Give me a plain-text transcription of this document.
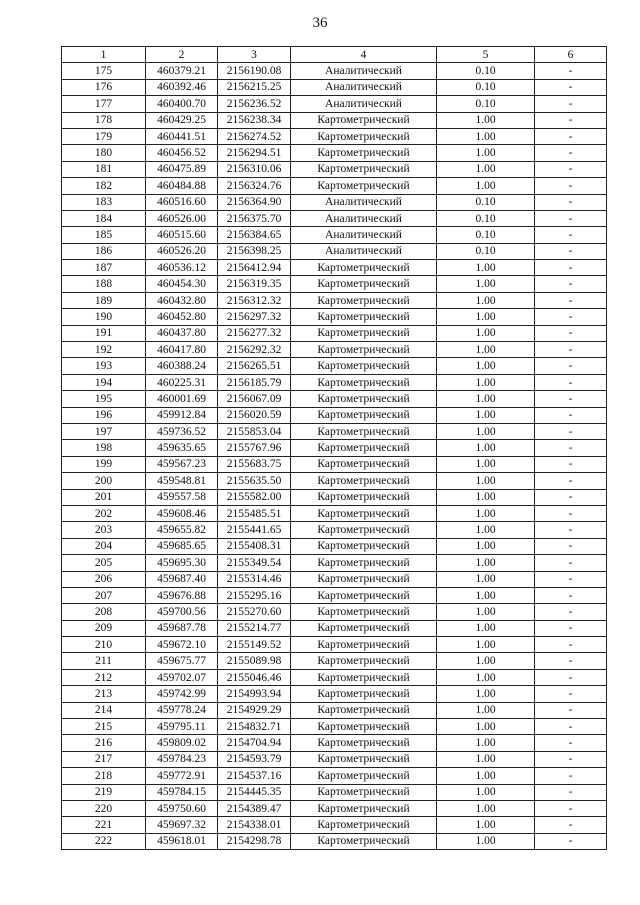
36
1	2	3	4	5	6
175	460379.21	2156190.08	Аналитический	0.10	-
176	460392.46	2156215.25	Аналитический	0.10	-
177	460400.70	2156236.52	Аналитический	0.10	-
178	460429.25	2156238.34	Картометрический	1.00	-
179	460441.51	2156274.52	Картометрический	1.00	-
180	460456.52	2156294.51	Картометрический	1.00	-
181	460475.89	2156310.06	Картометрический	1.00	-
182	460484.88	2156324.76	Картометрический	1.00	-
183	460516.60	2156364.90	Аналитический	0.10	-
184	460526.00	2156375.70	Аналитический	0.10	-
185	460515.60	2156384.65	Аналитический	0.10	-
186	460526.20	2156398.25	Аналитический	0.10	-
187	460536.12	2156412.94	Картометрический	1.00	-
188	460454.30	2156319.35	Картометрический	1.00	-
189	460432.80	2156312.32	Картометрический	1.00	-
190	460452.80	2156297.32	Картометрический	1.00	-
191	460437.80	2156277.32	Картометрический	1.00	-
192	460417.80	2156292.32	Картометрический	1.00	-
193	460388.24	2156265.51	Картометрический	1.00	-
194	460225.31	2156185.79	Картометрический	1.00	-
195	460001.69	2156067.09	Картометрический	1.00	-
196	459912.84	2156020.59	Картометрический	1.00	-
197	459736.52	2155853.04	Картометрический	1.00	-
198	459635.65	2155767.96	Картометрический	1.00	-
199	459567.23	2155683.75	Картометрический	1.00	-
200	459548.81	2155635.50	Картометрический	1.00	-
201	459557.58	2155582.00	Картометрический	1.00	-
202	459608.46	2155485.51	Картометрический	1.00	-
203	459655.82	2155441.65	Картометрический	1.00	-
204	459685.65	2155408.31	Картометрический	1.00	-
205	459695.30	2155349.54	Картометрический	1.00	-
206	459687.40	2155314.46	Картометрический	1.00	-
207	459676.88	2155295.16	Картометрический	1.00	-
208	459700.56	2155270.60	Картометрический	1.00	-
209	459687.78	2155214.77	Картометрический	1.00	-
210	459672.10	2155149.52	Картометрический	1.00	-
211	459675.77	2155089.98	Картометрический	1.00	-
212	459702.07	2155046.46	Картометрический	1.00	-
213	459742.99	2154993.94	Картометрический	1.00	-
214	459778.24	2154929.29	Картометрический	1.00	-
215	459795.11	2154832.71	Картометрический	1.00	-
216	459809.02	2154704.94	Картометрический	1.00	-
217	459784.23	2154593.79	Картометрический	1.00	-
218	459772.91	2154537.16	Картометрический	1.00	-
219	459784.15	2154445.35	Картометрический	1.00	-
220	459750.60	2154389.47	Картометрический	1.00	-
221	459697.32	2154338.01	Картометрический	1.00	-
222	459618.01	2154298.78	Картометрический	1.00	-
